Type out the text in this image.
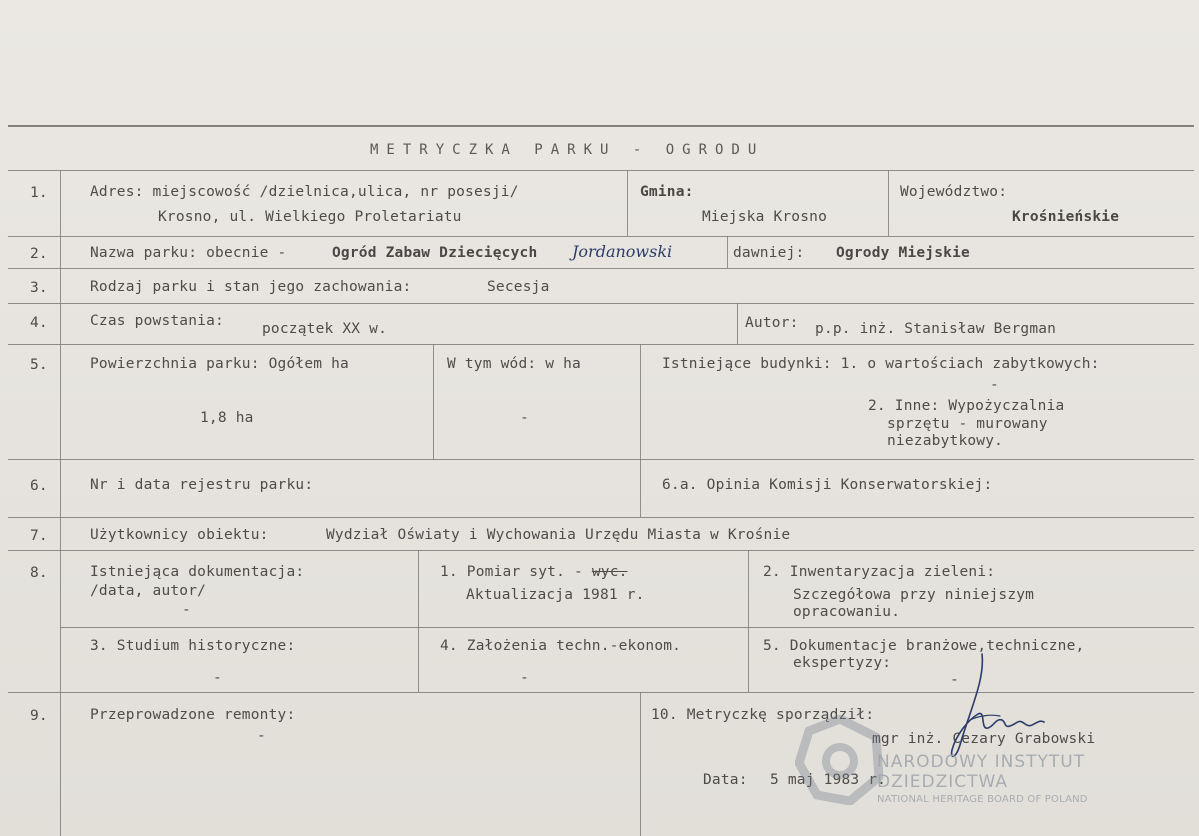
METRYCZKA PARKU - OGRODU
1.	Adres: miejscowość /dzielnica,ulica, nr posesji/
Krosno, ul. Wielkiego Proletariatu
Gmina:
Miejska Krosno
Województwo:
Krośnieńskie
2.	Nazwa parku: obecnie -	Ogród Zabaw Dziecięcych Jordanowski	dawniej: Ogrody Miejskie
3.	Rodzaj parku i stan jego zachowania:	Secesja
4.	Czas powstania:	początek XX w.	Autor: p.p. inż. Stanisław Bergman
5.	Powierzchnia parku: Ogółem ha
1,8 ha
W tym wód: w ha
-
Istniejące budynki: 1. o wartościach zabytkowych:
-
2. Inne: Wypożyczalnia
sprzętu - murowany
niezabytkowy.
6.	Nr i data rejestru parku:	6.a. Opinia Komisji Konserwatorskiej:
7.	Użytkownicy obiektu:	Wydział Oświaty i Wychowania Urzędu Miasta w Krośnie
8.	Istniejąca dokumentacja:
/data, autor/
-
1. Pomiar syt. - wyc.
Aktualizacja 1981 r.
2. Inwentaryzacja zieleni:
Szczegółowa przy niniejszym
opracowaniu.
3. Studium historyczne:
-
4. Założenia techn.-ekonom.
-
5. Dokumentacje branżowe,techniczne,
ekspertyzy:
-
9.	Przeprowadzone remonty:
-
10. Metryczkę sporządził:
mgr inż. Cezary Grabowski
Data: 5 maj 1983 r.
NARODOWY INSTYTUT
DZIEDZICTWA
NATIONAL HERITAGE BOARD OF POLAND
